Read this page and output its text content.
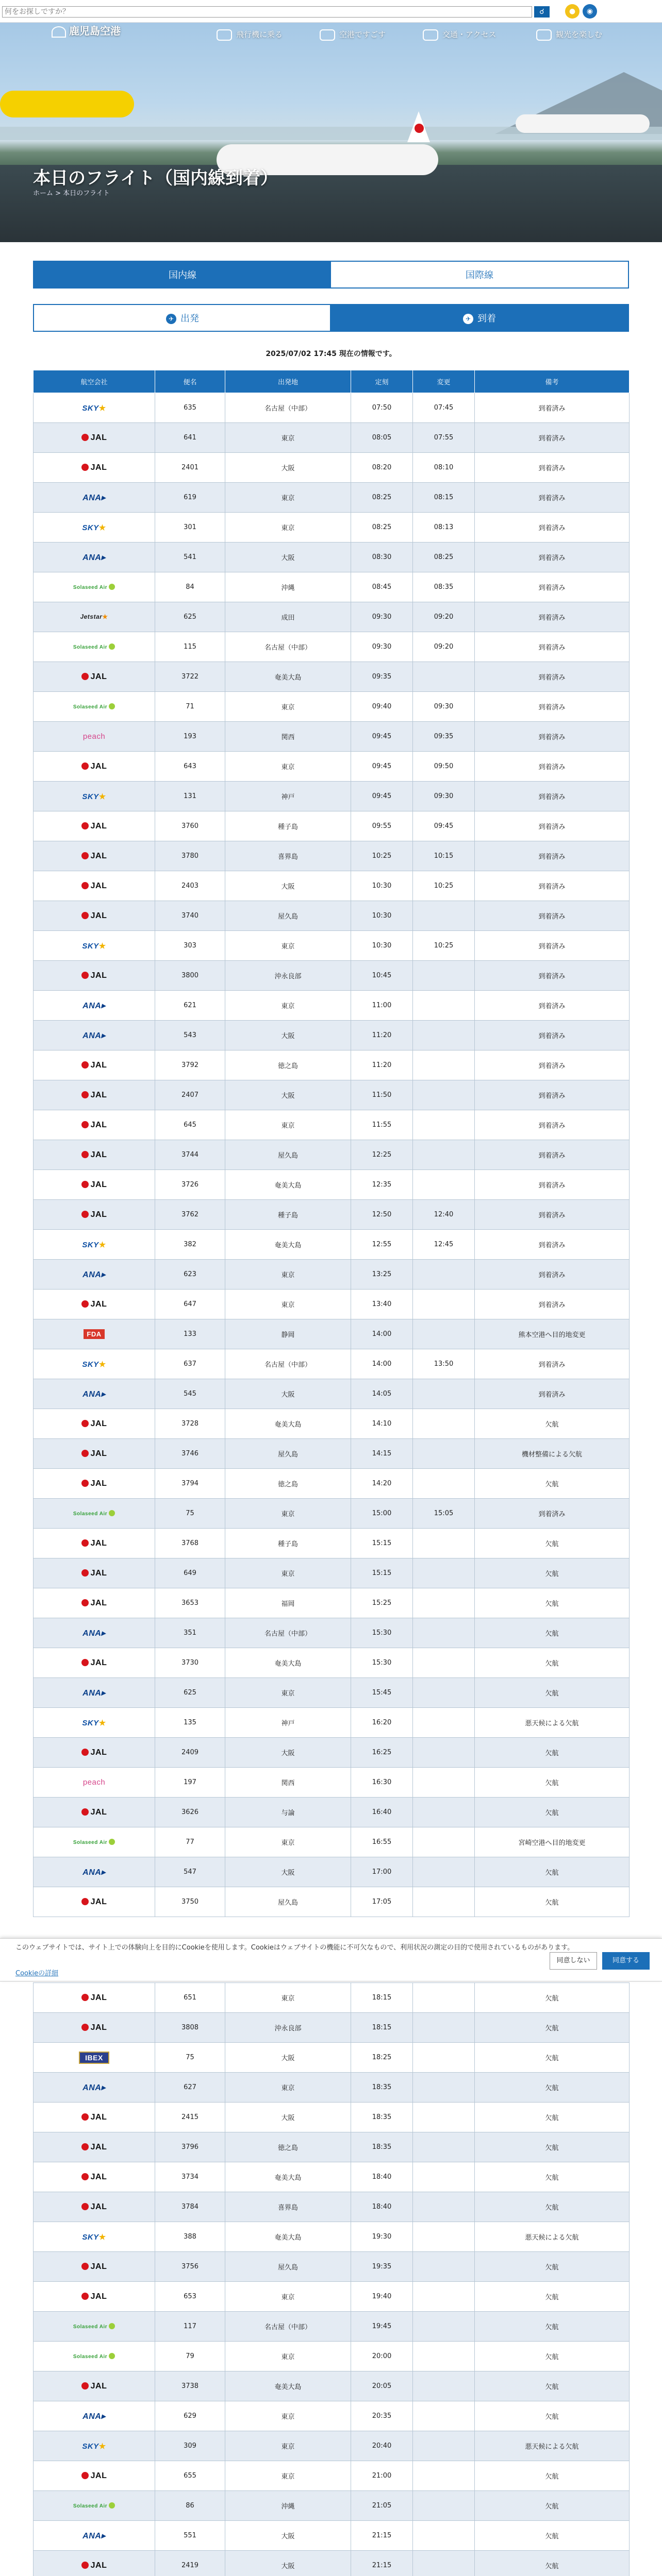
何をお探しですか？
☌	●	◉
鹿児島空港	飛行機に乗る	空港ですごす	交通・アクセス	観光を楽しむ
本日のフライト（国内線到着）
ホーム > 本日のフライト
国内線	国際線
✈ 出発	✈ 到着
2025/07/02 17:45 現在の情報です。
航空会社	便名	出発地	定刻	変更	備考
SKY★	635	名古屋（中部）	07:50	07:45	到着済み
JAL	641	東京	08:05	07:55	到着済み
JAL	2401	大阪	08:20	08:10	到着済み
ANA▸	619	東京	08:25	08:15	到着済み
SKY★	301	東京	08:25	08:13	到着済み
ANA▸	541	大阪	08:30	08:25	到着済み
Solaseed Air	84	沖縄	08:45	08:35	到着済み
Jetstar★	625	成田	09:30	09:20	到着済み
Solaseed Air	115	名古屋（中部）	09:30	09:20	到着済み
JAL	3722	奄美大島	09:35		到着済み
Solaseed Air	71	東京	09:40	09:30	到着済み
peach	193	関西	09:45	09:35	到着済み
JAL	643	東京	09:45	09:50	到着済み
SKY★	131	神戸	09:45	09:30	到着済み
JAL	3760	種子島	09:55	09:45	到着済み
JAL	3780	喜界島	10:25	10:15	到着済み
JAL	2403	大阪	10:30	10:25	到着済み
JAL	3740	屋久島	10:30		到着済み
SKY★	303	東京	10:30	10:25	到着済み
JAL	3800	沖永良部	10:45		到着済み
ANA▸	621	東京	11:00		到着済み
ANA▸	543	大阪	11:20		到着済み
JAL	3792	徳之島	11:20		到着済み
JAL	2407	大阪	11:50		到着済み
JAL	645	東京	11:55		到着済み
JAL	3744	屋久島	12:25		到着済み
JAL	3726	奄美大島	12:35		到着済み
JAL	3762	種子島	12:50	12:40	到着済み
SKY★	382	奄美大島	12:55	12:45	到着済み
ANA▸	623	東京	13:25		到着済み
JAL	647	東京	13:40		到着済み
FDA	133	静岡	14:00		熊本空港へ目的地変更
SKY★	637	名古屋（中部）	14:00	13:50	到着済み
ANA▸	545	大阪	14:05		到着済み
JAL	3728	奄美大島	14:10		欠航
JAL	3746	屋久島	14:15		機材整備による欠航
JAL	3794	徳之島	14:20		欠航
Solaseed Air	75	東京	15:00	15:05	到着済み
JAL	3768	種子島	15:15		欠航
JAL	649	東京	15:15		欠航
JAL	3653	福岡	15:25		欠航
ANA▸	351	名古屋（中部）	15:30		欠航
JAL	3730	奄美大島	15:30		欠航
ANA▸	625	東京	15:45		欠航
SKY★	135	神戸	16:20		悪天候による欠航
JAL	2409	大阪	16:25		欠航
peach	197	関西	16:30		欠航
JAL	3626	与論	16:40		欠航
Solaseed Air	77	東京	16:55		宮崎空港へ目的地変更
ANA▸	547	大阪	17:00		欠航
JAL	3750	屋久島	17:05		欠航
このウェブサイトでは、サイト上での体験向上を目的にCookieを使用します。Cookieはウェブサイトの機能に不可欠なもので、利用状況の測定の目的で使用されているものがあります。
Cookieの詳細
同意しない	同意する
JAL	651	東京	18:15		欠航
JAL	3808	沖永良部	18:15		欠航
IBEX	75	大阪	18:25		欠航
ANA▸	627	東京	18:35		欠航
JAL	2415	大阪	18:35		欠航
JAL	3796	徳之島	18:35		欠航
JAL	3734	奄美大島	18:40		欠航
JAL	3784	喜界島	18:40		欠航
SKY★	388	奄美大島	19:30		悪天候による欠航
JAL	3756	屋久島	19:35		欠航
JAL	653	東京	19:40		欠航
Solaseed Air	117	名古屋（中部）	19:45		欠航
Solaseed Air	79	東京	20:00		欠航
JAL	3738	奄美大島	20:05		欠航
ANA▸	629	東京	20:35		欠航
SKY★	309	東京	20:40		悪天候による欠航
JAL	655	東京	21:00		欠航
Solaseed Air	86	沖縄	21:05		欠航
ANA▸	551	大阪	21:15		欠航
JAL	2419	大阪	21:15		欠航
